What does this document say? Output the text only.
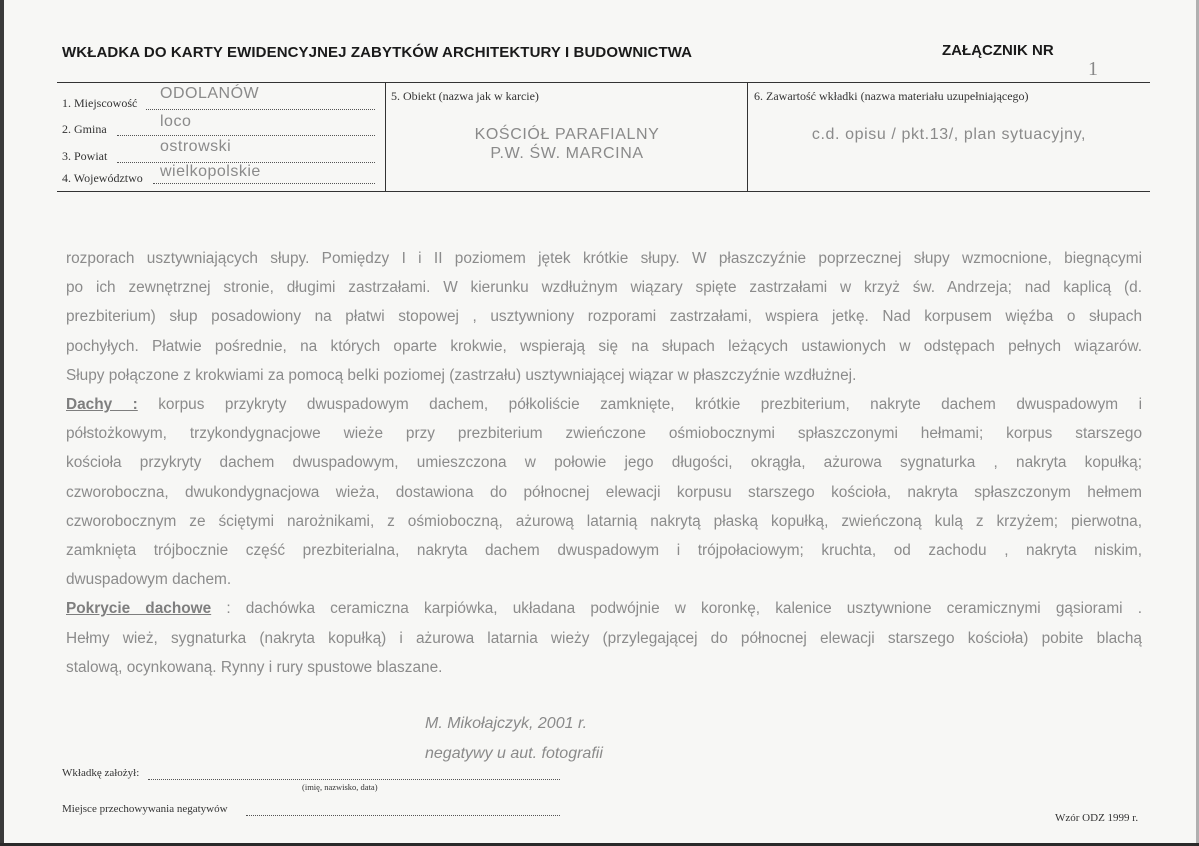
WKŁADKA DO KARTY EWIDENCYJNEJ ZABYTKÓW ARCHITEKTURY I BUDOWNICTWA	ZAŁĄCZNIK NR
1
1. Miejscowość
ODOLANÓW
2. Gmina	loco
3. Powiat
ostrowski
4. Województwo wielkopolskie
5. Obiekt (nazwa jak w karcie)
KOŚCIÓŁ PARAFIALNY
P.W. ŚW. MARCINA
6. Zawartość wkładki (nazwa materiału uzupełniającego)
c.d. opisu / pkt.13/, plan sytuacyjny,
rozporach usztywniających słupy. Pomiędzy I i II poziomem jętek krótkie słupy. W płaszczyźnie poprzecznej słupy wzmocnione, biegnącymi
po ich zewnętrznej stronie, długimi zastrzałami. W kierunku wzdłużnym wiązary spięte zastrzałami w krzyż św. Andrzeja; nad kaplicą (d.
prezbiterium) słup posadowiony na płatwi stopowej , usztywniony rozporami zastrzałami, wspiera jetkę. Nad korpusem więźba o słupach
pochyłych. Płatwie pośrednie, na których oparte krokwie, wspierają się na słupach leżących ustawionych w odstępach pełnych wiązarów.
Słupy połączone z krokwiami za pomocą belki poziomej (zastrzału) usztywniającej wiązar w płaszczyźnie wzdłużnej.
Dachy : korpus przykryty dwuspadowym dachem, półkoliście zamknięte, krótkie prezbiterium, nakryte dachem dwuspadowym i
półstożkowym, trzykondygnacjowe wieże przy prezbiterium zwieńczone ośmiobocznymi spłaszczonymi hełmami; korpus starszego
kościoła przykryty dachem dwuspadowym, umieszczona w połowie jego długości, okrągła, ażurowa sygnaturka , nakryta kopułką;
czworoboczna, dwukondygnacjowa wieża, dostawiona do północnej elewacji korpusu starszego kościoła, nakryta spłaszczonym hełmem
czworobocznym ze ściętymi narożnikami, z ośmioboczną, ażurową latarnią nakrytą płaską kopułką, zwieńczoną kulą z krzyżem; pierwotna,
zamknięta trójbocznie część prezbiterialna, nakryta dachem dwuspadowym i trójpołaciowym; kruchta, od zachodu , nakryta niskim,
dwuspadowym dachem.
Pokrycie dachowe : dachówka ceramiczna karpiówka, układana podwójnie w koronkę, kalenice usztywnione ceramicznymi gąsiorami .
Hełmy wież, sygnaturka (nakryta kopułką) i ażurowa latarnia wieży (przylegającej do północnej elewacji starszego kościoła) pobite blachą
stalową, ocynkowaną. Rynny i rury spustowe blaszane.
M. Mikołajczyk, 2001 r.
negatywy u aut. fotografii
Wkładkę założył:
(imię, nazwisko, data)
Miejsce przechowywania negatywów
Wzór ODZ 1999 r.
